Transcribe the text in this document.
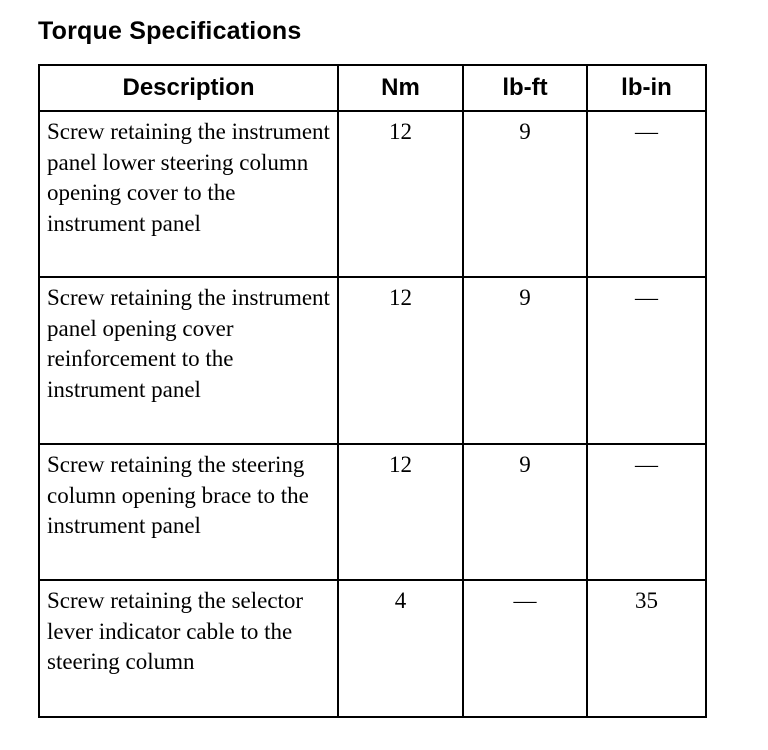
Torque Specifications
Description	Nm	lb-ft	lb-in
Screw retaining the instrument panel lower steering column opening cover to the instrument panel	12	9	—
Screw retaining the instrument panel opening cover reinforcement to the instrument panel	12	9	—
Screw retaining the steering column opening brace to the instrument panel	12	9	—
Screw retaining the selector lever indicator cable to the steering column	4	—	35
